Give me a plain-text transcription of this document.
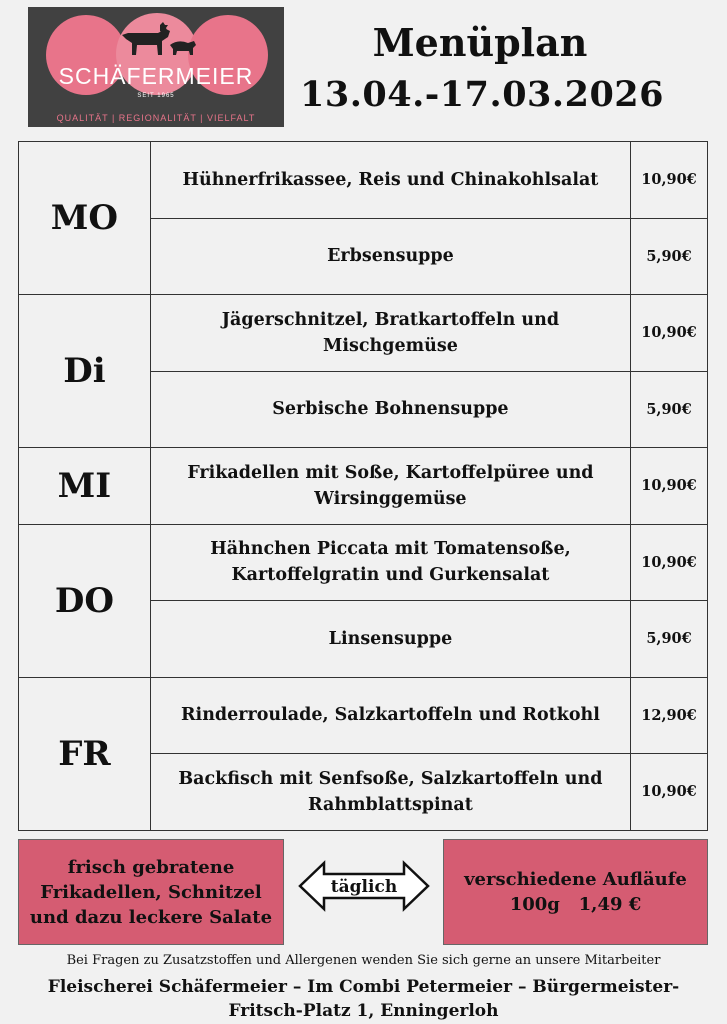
SCHÄFERMEIER
SEIT 1965
QUALITÄT | REGIONALITÄT | VIELFALT
Menüplan
13.04.-17.03.2026
MO	Hühnerfrikassee, Reis und Chinakohlsalat	10,90€
	Erbsensuppe	5,90€
Di	Jägerschnitzel, Bratkartoffeln und Mischgemüse	10,90€
	Serbische Bohnensuppe	5,90€
MI	Frikadellen mit Soße, Kartoffelpüree und Wirsinggemüse	10,90€
DO	Hähnchen Piccata mit Tomatensoße, Kartoffelgratin und Gurkensalat	10,90€
	Linsensuppe	5,90€
FR	Rinderroulade, Salzkartoffeln und Rotkohl	12,90€
	Backfisch mit Senfsoße, Salzkartoffeln und Rahmblattspinat	10,90€
frisch gebratene Frikadellen, Schnitzel und dazu leckere Salate
täglich	verschiedene Aufläufe
100g   1,49 €
Bei Fragen zu Zusatzstoffen und Allergenen wenden Sie sich gerne an unsere Mitarbeiter
Fleischerei Schäfermeier – Im Combi Petermeier – Bürgermeister-Fritsch-Platz 1, Enningerloh
